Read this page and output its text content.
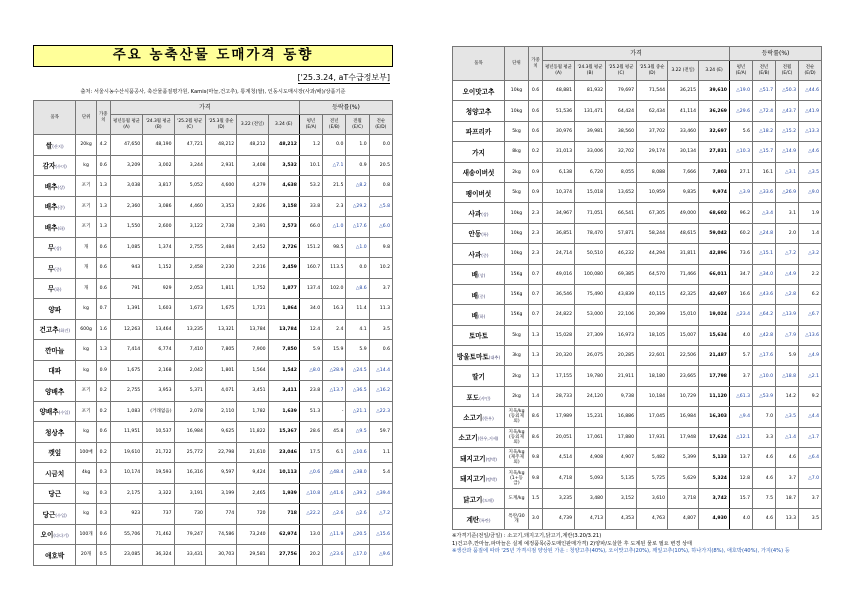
주요 농축산물 도매가격 동향
['25.3.24, aT수급정보부]
출처: 서울시농수산식품공사, 축산물품질평가원, Kamis(마늘,건고추), 통계청(쌀), 인동시도매시장(사과/배)/상품기준
품목	단위	가중치	가격						등락률(%)			
			평년동월 평균(A)	'24.3월 평균(B)	'25.2월 평균(C)	'25.3월 중순(D)	3.22 (전일)	3.24 (E)	평년 (E/A)	전년 (E/B)	전월 (E/C)	전순 (E/D)
쌀(산지)	20kg	4.2	47,650	48,190	47,721	48,212	48,212	48,212	1.2	0.0	1.0	0.0
감자(수미)	kg	0.6	3,209	3,002	3,244	2,931	3,408	3,532	10.1	△7.1	0.9	20.5
배추(상)	포기	1.3	3,038	3,817	5,052	4,600	4,279	4,638	53.2	21.5	△8.2	0.8
배추(중)	포기	1.3	2,360	3,086	4,460	3,353	2,826	3,158	33.8	2.3	△29.2	△5.8
배추(하)	포기	1.3	1,550	2,600	3,122	2,738	2,391	2,573	66.0	△1.0	△17.6	△6.0
무(상)	개	0.6	1,085	1,374	2,755	2,484	2,452	2,726	151.2	98.5	△1.0	9.8
무(중)	개	0.6	943	1,152	2,458	2,230	2,216	2,459	160.7	113.5	0.0	10.2
무(하)	개	0.6	791	929	2,053	1,811	1,752	1,877	137.4	102.0	△8.6	3.7
양파	kg	0.7	1,391	1,603	1,673	1,675	1,721	1,864	34.0	16.3	11.4	11.3
건고추(화건)	600g	1.6	12,263	13,464	13,235	13,321	13,784	13,784	12.4	2.4	4.1	3.5
깐마늘	kg	1.3	7,414	6,774	7,410	7,805	7,900	7,850	5.9	15.9	5.9	0.6
대파	kg	0.9	1,675	2,168	2,042	1,801	1,564	1,542	△8.0	△28.9	△24.5	△14.4
양배추	포기	0.2	2,755	3,953	5,371	4,071	3,451	3,411	23.8	△13.7	△36.5	△16.2
양배추(수입)	포기	0.2	1,083	(거래없음)	2,078	2,110	1,782	1,639	51.3	-	△21.1	△22.3
청상추	kg	0.6	11,951	10,537	16,984	9,625	11,822	15,367	28.6	45.8	△9.5	59.7
깻잎	100매	0.2	19,610	21,722	25,772	22,798	21,610	23,046	17.5	6.1	△10.6	1.1
시금치	4kg	0.3	10,174	19,593	16,316	9,597	9,424	10,113	△0.6	△48.4	△38.0	5.4
당근	kg	0.3	2,175	3,322	3,191	3,199	2,465	1,939	△10.8	△41.6	△39.2	△39.4
당근(수입)	kg	0.3	923	737	730	774	720	718	△22.2	△2.6	△2.6	△7.2
오이(다다기)	100개	0.6	55,706	71,462	79,247	74,586	73,240	62,974	13.0	△11.9	△20.5	△15.6
애호박	20개	0.5	23,085	36,324	33,431	30,703	29,581	27,756	20.2	△23.6	△17.0	△9.6
품목	단위	가중치	가격						등락률(%)			
			평년동월 평균(A)	'24.3월 평균(B)	'25.2월 평균(C)	'25.3월 중순(D)	3.22 (전일)	3.24 (E)	평년 (E/A)	전년 (E/B)	전월 (E/C)	전순 (E/D)
오이맛고추	10kg	0.6	48,881	81,932	79,697	71,544	36,215	39,610	△19.0	△51.7	△50.3	△44.6
청양고추	10kg	0.6	51,536	131,471	64,424	62,434	41,114	36,269	△29.6	△72.4	△43.7	△41.9
파프리카	5kg	0.6	30,976	39,981	38,560	37,702	33,460	32,697	5.6	△18.2	△15.2	△13.3
가지	8kg	0.2	31,013	33,006	32,702	29,174	30,134	27,831	△10.3	△15.7	△14.9	△4.6
새송이버섯	2kg	0.9	6,138	6,720	8,055	8,088	7,666	7,803	27.1	16.1	△3.1	△3.5
팽이버섯	5kg	0.9	10,374	15,018	13,652	10,959	9,835	9,974	△3.9	△33.6	△26.9	△9.0
사과(상)	10kg	2.3	34,967	71,051	66,541	67,305	49,000	68,602	96.2	△3.4	3.1	1.9
안동(특)	10kg	2.3	36,851	78,470	57,871	58,244	48,615	59,042	60.2	△24.8	2.0	1.4
사과(중)	10kg	2.3	24,714	50,510	46,232	44,294	31,811	42,896	73.6	△15.1	△7.2	△3.2
배(상)	15Kg	0.7	49,016	100,080	69,385	64,570	71,466	66,011	34.7	△34.0	△4.9	2.2
배(중)	15Kg	0.7	36,546	75,490	43,839	40,115	42,325	42,607	16.6	△43.6	△2.8	6.2
배(하)	15Kg	0.7	24,822	53,000	22,106	20,399	15,010	19,024	△23.4	△64.2	△13.9	△6.7
토마토	5kg	1.3	15,028	27,309	16,973	18,105	15,007	15,634	4.0	△42.8	△7.9	△13.6
방울토마토(대추)	3kg	1.3	20,320	26,075	20,285	22,601	22,506	21,487	5.7	△17.6	5.9	△4.9
딸기	2kg	1.3	17,155	19,780	21,911	18,180	23,665	17,798	3.7	△10.0	△18.8	△2.1
포도(샤인)	2kg	1.4	28,733	24,120	9,738	10,184	10,729	11,120	△61.3	△53.9	14.2	9.2
소고기(한우)	지육/kg (등외제외)	8.6	17,989	15,231	16,886	17,045	16,984	16,303	△9.4	7.0	△3.5	△4.4
소고기(한우,거세)	지육/kg (등외제외)	8.6	20,051	17,061	17,880	17,931	17,948	17,624	△12.1	3.3	△1.4	△1.7
돼지고기(탕박)	지육/kg (제주제외)	9.8	4,514	4,908	4,907	5,482	5,399	5,133	13.7	4.6	4.6	△6.4
돼지고기(탕박)	지육/kg (1+등급)	9.8	4,718	5,093	5,135	5,725	5,629	5,324	12.8	4.6	3.7	△7.0
닭고기(도매)	도계/kg	1.5	3,235	3,480	3,152	3,610	3,718	3,742	15.7	7.5	18.7	3.7
계란(특란)	특란/30개	3.0	4,739	4,713	4,353	4,763	4,807	4,930	4.0	4.6	13.3	3.5
※가격기준(전일/금일) : 소고기,돼지고기,닭고기,계란(3.20/3.21)
1)건고추,깐마늘,파마늘은 실제 예정품목(중도매인판매가격) 2)양파/도살한 후 도계된 물로 필요 변경 상태
※생산과 품질에 따라 '25년 가격시점 양상된 가운 : 청양고추(40%), 오이맛고추(20%), 깨잎고추(10%), 하나가지(8%), 애호박(40%), 가지(4%) 등
